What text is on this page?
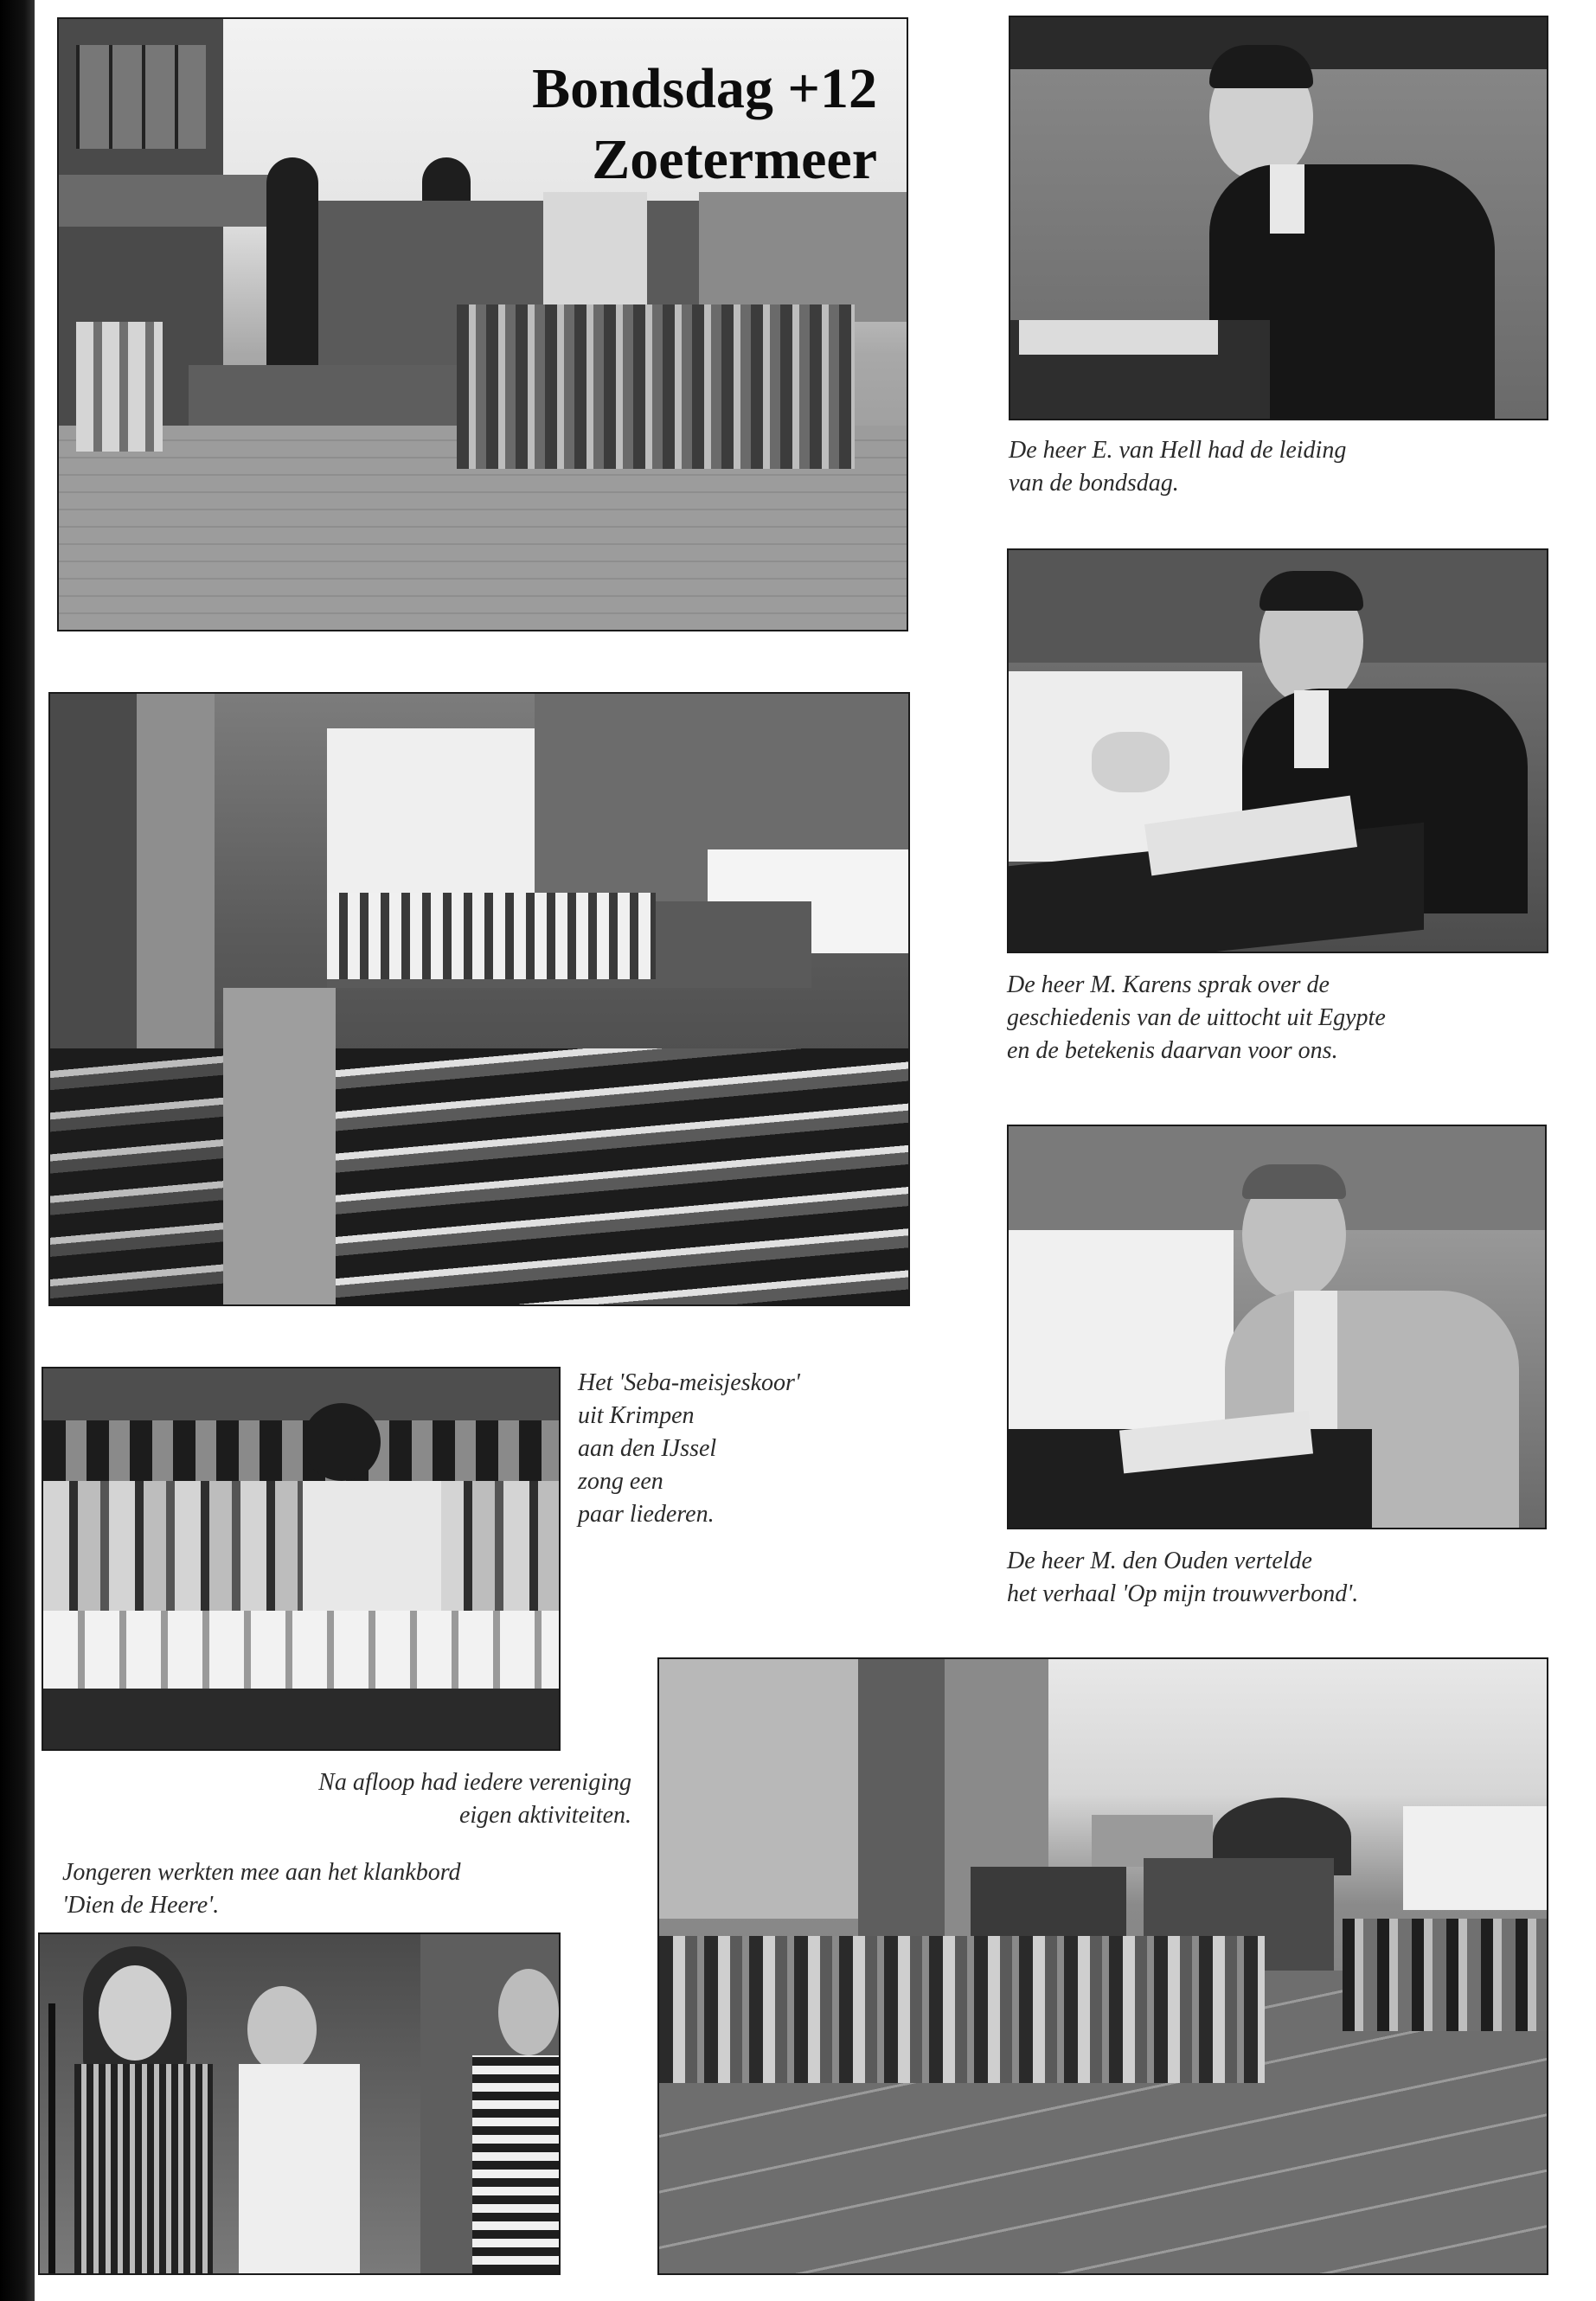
Bondsdag +12
Zoetermeer
De heer E. van Hell had de leiding
van de bondsdag.
De heer M. Karens sprak over de
geschiedenis van de uittocht uit Egypte
en de betekenis daarvan voor ons.
Het 'Seba-meisjeskoor'
uit Krimpen
aan den IJssel
zong een
paar liederen.
De heer M. den Ouden vertelde
het verhaal 'Op mijn trouwverbond'.
Na afloop had iedere vereniging
eigen aktiviteiten.
Jongeren werkten mee aan het klankbord
'Dien de Heere'.
